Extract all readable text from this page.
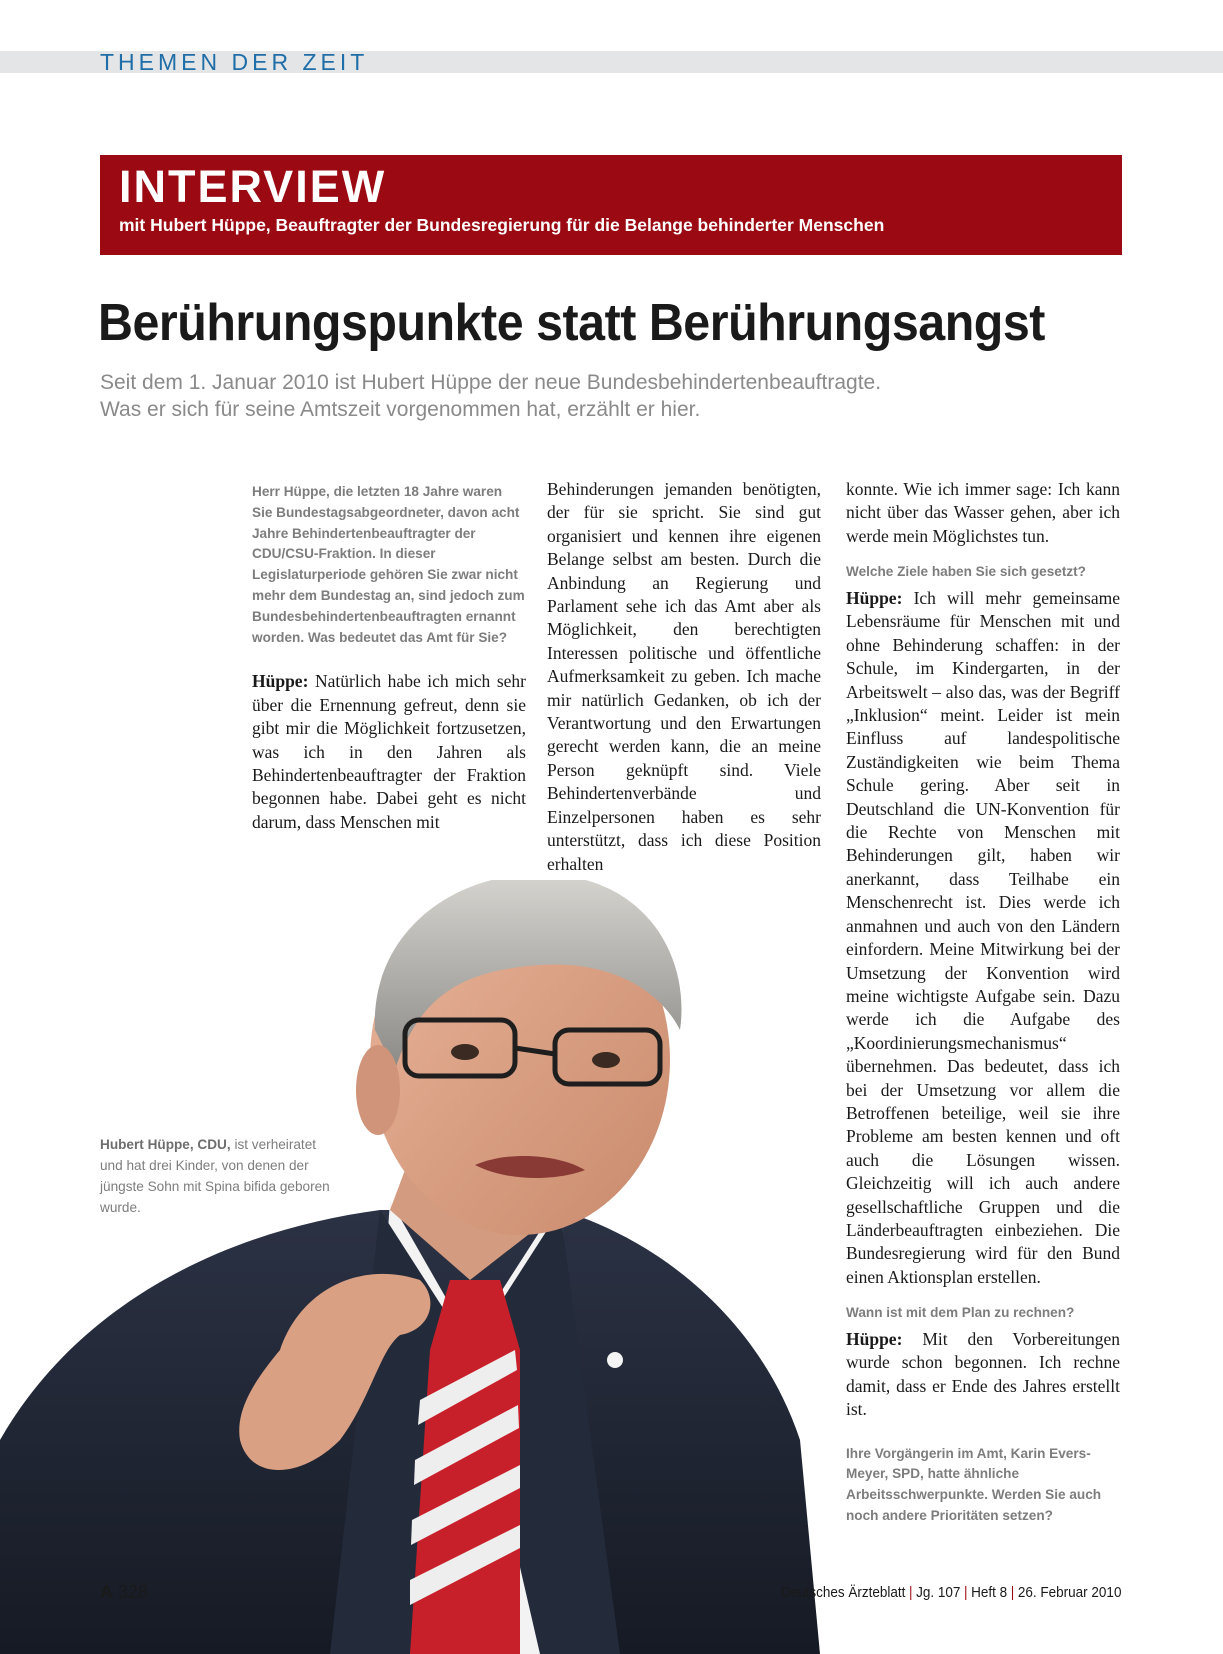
THEMEN DER ZEIT
INTERVIEW
mit Hubert Hüppe, Beauftragter der Bundesregierung für die Belange behinderter Menschen
Berührungspunkte statt Berührungsangst
Seit dem 1. Januar 2010 ist Hubert Hüppe der neue Bundesbehindertenbeauftragte.
Was er sich für seine Amtszeit vorgenommen hat, erzählt er hier.

Herr Hüppe, die letzten 18 Jahre waren Sie Bundestagsabgeordneter, davon acht Jahre Behindertenbeauftragter der CDU/CSU-Fraktion. In dieser Legislaturperiode gehören Sie zwar nicht mehr dem Bundestag an, sind jedoch zum Bundesbehindertenbeauftragten ernannt worden. Was bedeutet das Amt für Sie?

Hüppe: Natürlich habe ich mich sehr über die Ernennung gefreut, denn sie gibt mir die Möglichkeit fortzusetzen, was ich in den Jahren als Behindertenbeauftragter der Fraktion begonnen habe. Dabei geht es nicht darum, dass Menschen mit

Behinderungen jemanden benötigten, der für sie spricht. Sie sind gut organisiert und kennen ihre eigenen Belange selbst am besten. Durch die Anbindung an Regierung und Parlament sehe ich das Amt aber als Möglichkeit, den berechtigten Interessen politische und öffentliche Aufmerksamkeit zu geben. Ich mache mir natürlich Gedanken, ob ich der Verantwortung und den Erwartungen gerecht werden kann, die an meine Person geknüpft sind. Viele Behindertenverbände und Einzelpersonen haben es sehr unterstützt, dass ich diese Position erhalten

konnte. Wie ich immer sage: Ich kann nicht über das Wasser gehen, aber ich werde mein Möglichstes tun.

Welche Ziele haben Sie sich gesetzt?

Hüppe: Ich will mehr gemeinsame Lebensräume für Menschen mit und ohne Behinderung schaffen: in der Schule, im Kindergarten, in der Arbeitswelt – also das, was der Begriff „Inklusion“ meint. Leider ist mein Einfluss auf landespolitische Zuständigkeiten wie beim Thema Schule gering. Aber seit in Deutschland die UN-Konvention für die Rechte von Menschen mit Behinderungen gilt, haben wir anerkannt, dass Teilhabe ein Menschenrecht ist. Dies werde ich anmahnen und auch von den Ländern einfordern. Meine Mitwirkung bei der Umsetzung der Konvention wird meine wichtigste Aufgabe sein. Dazu werde ich die Aufgabe des „Koordinierungsmechanismus“ übernehmen. Das bedeutet, dass ich bei der Umsetzung vor allem die Betroffenen beteilige, weil sie ihre Probleme am besten kennen und oft auch die Lösungen wissen. Gleichzeitig will ich auch andere gesellschaftliche Gruppen und die Länderbeauftragten einbeziehen. Die Bundesregierung wird für den Bund einen Aktionsplan erstellen.

Wann ist mit dem Plan zu rechnen?

Hüppe: Mit den Vorbereitungen wurde schon begonnen. Ich rechne damit, dass er Ende des Jahres erstellt ist.

Ihre Vorgängerin im Amt, Karin Evers-Meyer, SPD, hatte ähnliche Arbeitsschwerpunkte. Werden Sie auch noch andere Prioritäten setzen?

Hubert Hüppe, CDU, ist verheiratet und hat drei Kinder, von denen der jüngste Sohn mit Spina bifida geboren wurde.
A 328	Deutsches Ärzteblatt | Jg. 107 | Heft 8 | 26. Februar 2010
